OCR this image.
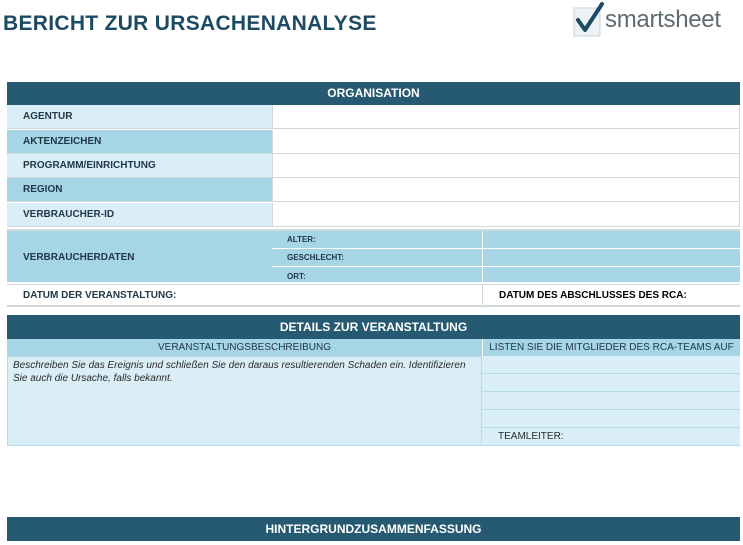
BERICHT ZUR URSACHENANALYSE	smartsheet
ORGANISATION
AGENTUR
AKTENZEICHEN
PROGRAMM/EINRICHTUNG
REGION
VERBRAUCHER-ID
VERBRAUCHERDATEN
ALTER:
GESCHLECHT:
ORT:
DATUM DER VERANSTALTUNG:	DATUM DES ABSCHLUSSES DES RCA:
DETAILS ZUR VERANSTALTUNG
VERANSTALTUNGSBESCHREIBUNG	LISTEN SIE DIE MITGLIEDER DES RCA-TEAMS AUF
Beschreiben Sie das Ereignis und schließen Sie den daraus resultierenden Schaden ein. Identifizieren Sie auch die Ursache, falls bekannt.
TEAMLEITER:
HINTERGRUNDZUSAMMENFASSUNG
